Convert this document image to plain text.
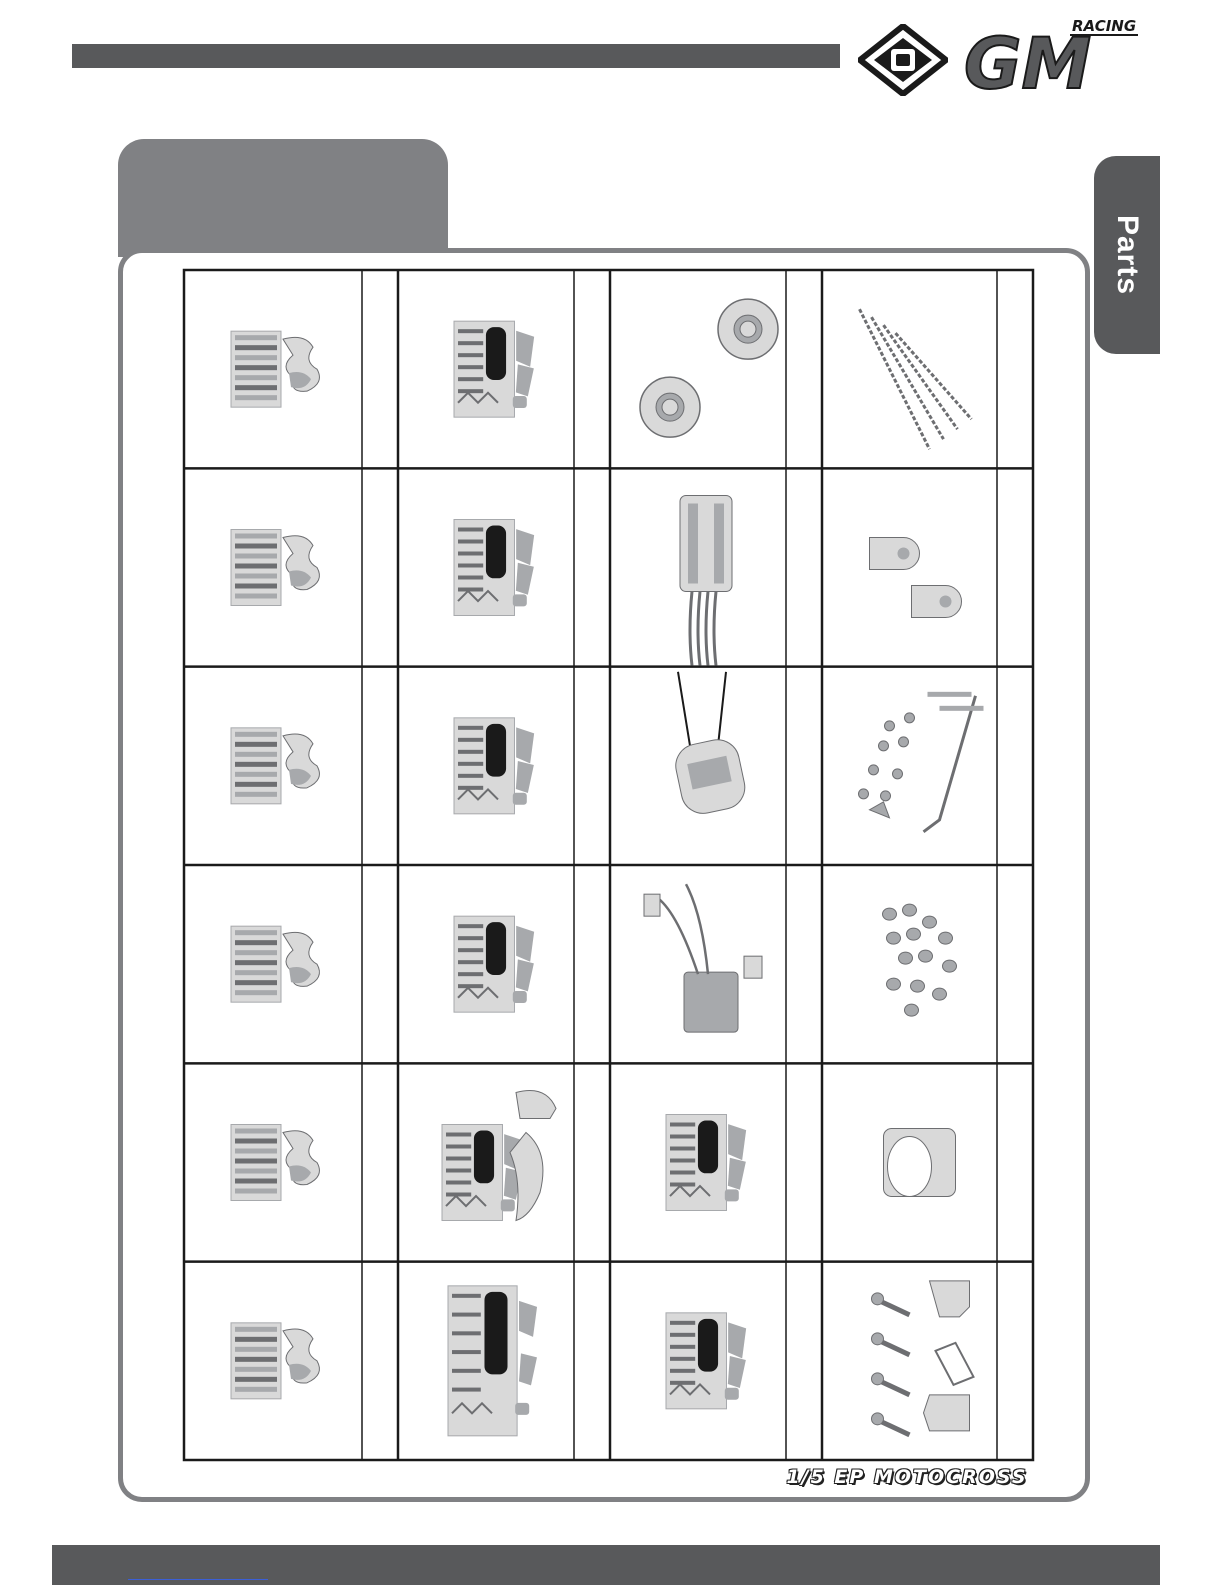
GM
RACING
Parts
1/5 EP MOTOCROSS
